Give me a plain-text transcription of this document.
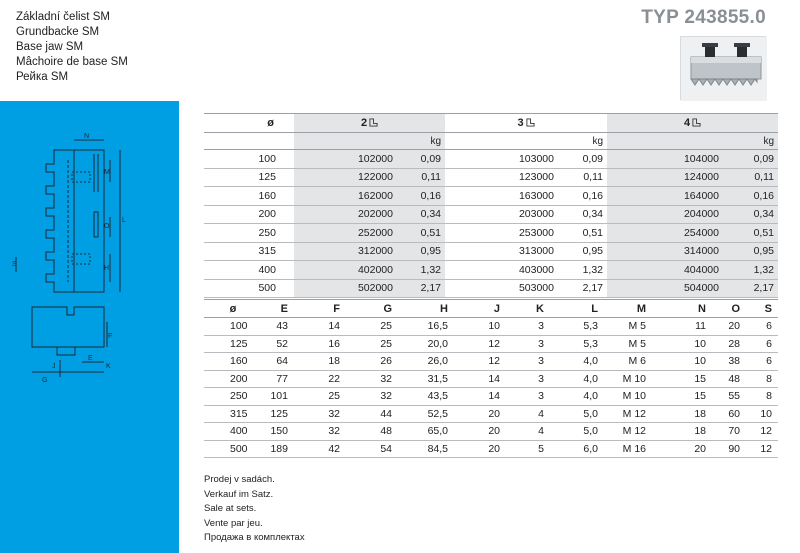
Základní čelist SM
Grundbacke SM
Base jaw SM
Mâchoire de base SM
Рейка SM
TYP 243855.0
N
M
L
O
H
S
F
E
G
J	K
ø	2		3		4	
		kg		kg		kg
100	102000	0,09	103000	0,09	104000	0,09
125	122000	0,11	123000	0,11	124000	0,11
160	162000	0,16	163000	0,16	164000	0,16
200	202000	0,34	203000	0,34	204000	0,34
250	252000	0,51	253000	0,51	254000	0,51
315	312000	0,95	313000	0,95	314000	0,95
400	402000	1,32	403000	1,32	404000	1,32
500	502000	2,17	503000	2,17	504000	2,17
ø	E	F	G	H	J	K	L	M	N	O	S
100	43	14	25	16,5	10	3	5,3	M 5	11	20	6
125	52	16	25	20,0	12	3	5,3	M 5	10	28	6
160	64	18	26	26,0	12	3	4,0	M 6	10	38	6
200	77	22	32	31,5	14	3	4,0	M 10	15	48	8
250	101	25	32	43,5	14	3	4,0	M 10	15	55	8
315	125	32	44	52,5	20	4	5,0	M 12	18	60	10
400	150	32	48	65,0	20	4	5,0	M 12	18	70	12
500	189	42	54	84,5	20	5	6,0	M 16	20	90	12
Prodej v sadách.
Verkauf im Satz.
Sale at sets.
Vente par jeu.
Продажа в комплектах
